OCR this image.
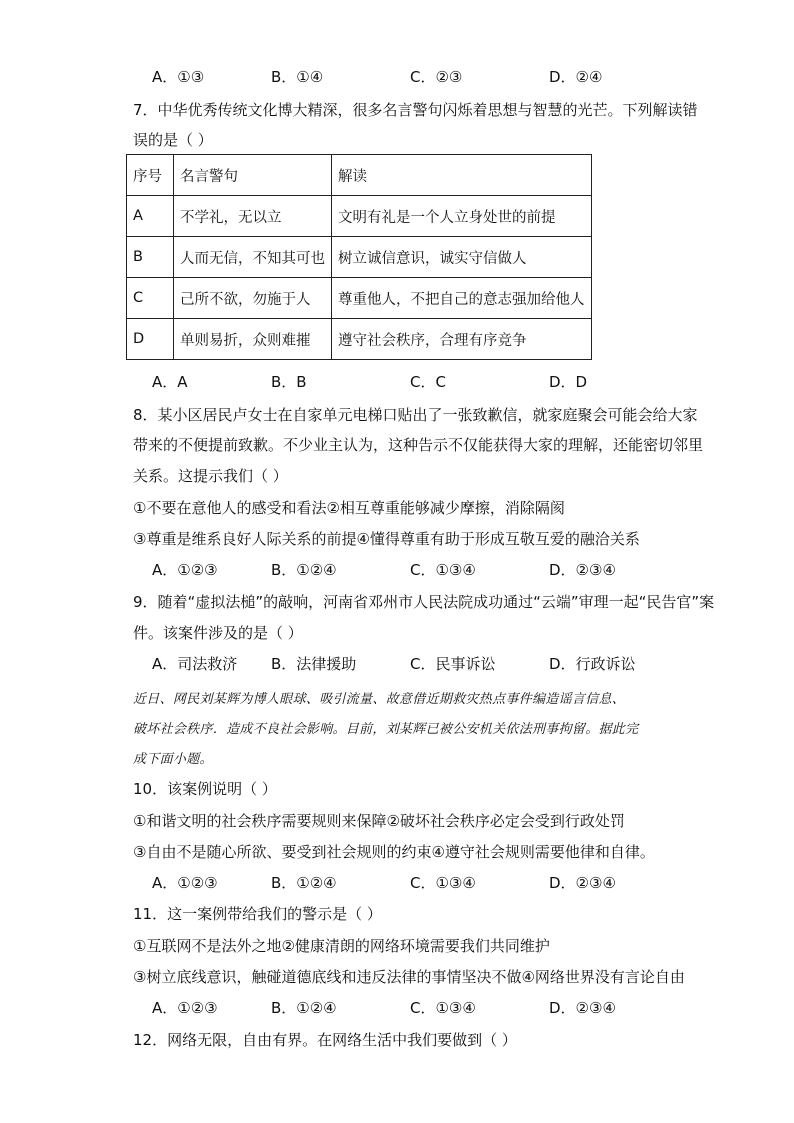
A．①③	B．①④	C．②③	D．②④
7．中华优秀传统文化博大精深，很多名言警句闪烁着思想与智慧的光芒。下列解读错
误的是（ ）
序号	名言警句	解读
A	不学礼，无以立	文明有礼是一个人立身处世的前提
B	人而无信，不知其可也	树立诚信意识，诚实守信做人
C	己所不欲，勿施于人	尊重他人，不把自己的意志强加给他人
D	单则易折，众则难摧	遵守社会秩序，合理有序竞争
A．A	B．B	C．C	D．D
8．某小区居民卢女士在自家单元电梯口贴出了一张致歉信，就家庭聚会可能会给大家
带来的不便提前致歉。不少业主认为，这种告示不仅能获得大家的理解，还能密切邻里
关系。这提示我们（ ）
①不要在意他人的感受和看法②相互尊重能够减少摩擦，消除隔阂
③尊重是维系良好人际关系的前提④懂得尊重有助于形成互敬互爱的融洽关系
A．①②③	B．①②④	C．①③④	D．②③④
9．随着“虚拟法槌”的敲响，河南省邓州市人民法院成功通过“云端”审理一起“民告官”案
件。该案件涉及的是（ ）
A．司法救济 B．法律援助	C．民事诉讼	D．行政诉讼
近日、网民刘某辉为博人眼球、吸引流量、故意借近期救灾热点事件编造谣言信息、
破坏社会秩序．造成不良社会影响。目前，刘某辉已被公安机关依法刑事拘留。据此完
成下面小题。
10．该案例说明（ ）
①和谐文明的社会秩序需要规则来保障②破坏社会秩序必定会受到行政处罚
③自由不是随心所欲、要受到社会规则的约束④遵守社会规则需要他律和自律。
A．①②③	B．①②④	C．①③④	D．②③④
11．这一案例带给我们的警示是（ ）
①互联网不是法外之地②健康清朗的网络环境需要我们共同维护
③树立底线意识，触碰道德底线和违反法律的事情坚决不做④网络世界没有言论自由
A．①②③	B．①②④	C．①③④	D．②③④
12．网络无限，自由有界。在网络生活中我们要做到（ ）
